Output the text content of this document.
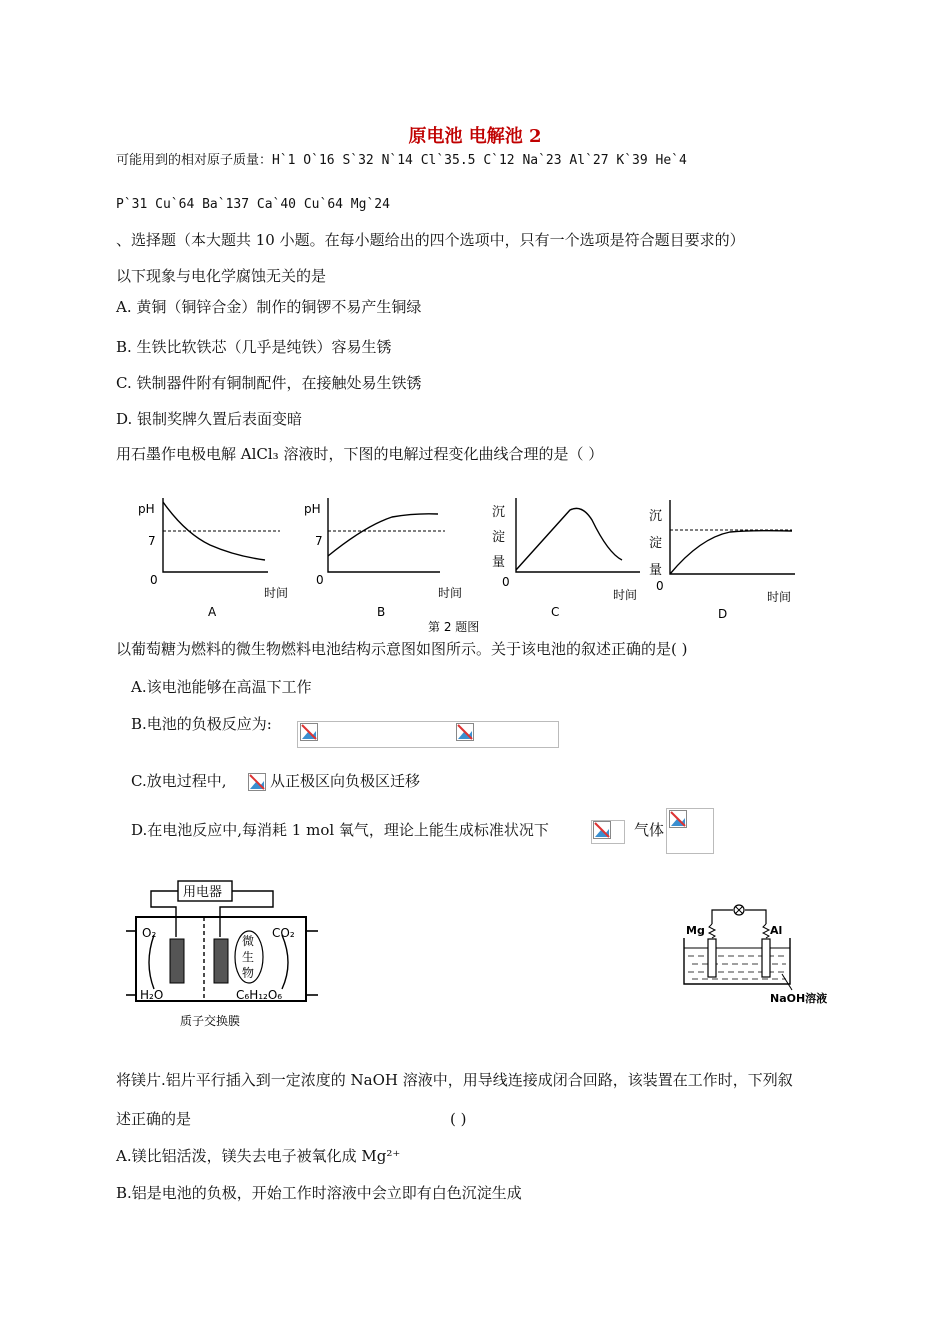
原电池 电解池 2
可能用到的相对原子质量：H`1 O`16 S`32 N`14 Cl`35.5 C`12 Na`23 Al`27 K`39 He`4
P`31 Cu`64 Ba`137 Ca`40 Cu`64 Mg`24
、选择题（本大题共 10 小题。在每小题给出的四个选项中，只有一个选项是符合题目要求的）
以下现象与电化学腐蚀无关的是
A. 黄铜（铜锌合金）制作的铜锣不易产生铜绿
B. 生铁比软铁芯（几乎是纯铁）容易生锈
C. 铁制器件附有铜制配件，在接触处易生铁锈
D. 银制奖牌久置后表面变暗
用石墨作电极电解 AlCl₃ 溶液时，下图的电解过程变化曲线合理的是（ ）
pH
7
0
时间
A
pH
7
0
时间
B
沉
淀
量
0
时间
C
沉
淀
量
0
时间
D
第 2 题图
以葡萄糖为燃料的微生物燃料电池结构示意图如图所示。关于该电池的叙述正确的是( )
A.该电池能够在高温下工作
B.电池的负极反应为:
C.放电过程中,	从正极区向负极区迁移
D.在电池反应中,每消耗 1 mol 氧气，理论上能生成标准状况下	气体
用电器
微
生
物
O₂	CO₂
H₂O	C₆H₁₂O₆
质子交换膜
Mg	Al
NaOH溶液
将镁片.铝片平行插入到一定浓度的 NaOH 溶液中，用导线连接成闭合回路，该装置在工作时，下列叙
述正确的是	( )
A.镁比铝活泼，镁失去电子被氧化成 Mg²⁺
B.铝是电池的负极，开始工作时溶液中会立即有白色沉淀生成
